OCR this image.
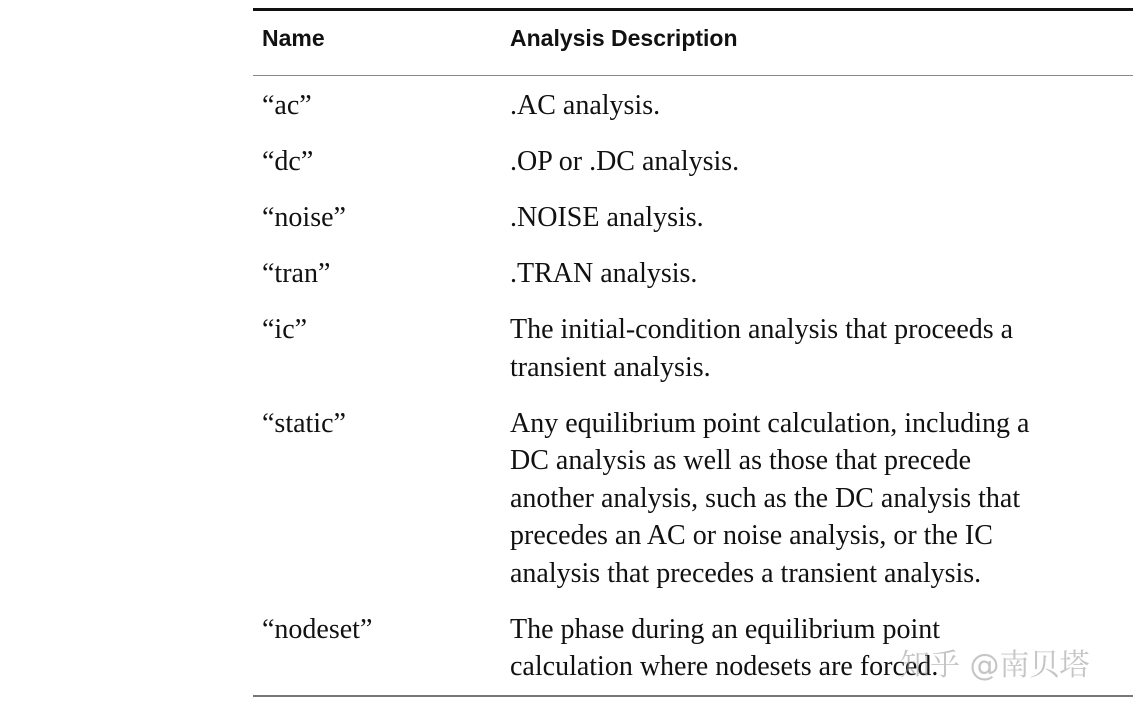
Name	Analysis Description
“ac”	.AC analysis.
“dc”	.OP or .DC analysis.
“noise”	.NOISE analysis.
“tran”	.TRAN analysis.
“ic”	The initial-condition analysis that proceeds a
transient analysis.
“static”	Any equilibrium point calculation, including a
DC analysis as well as those that precede
another analysis, such as the DC analysis that
precedes an AC or noise analysis, or the IC
analysis that precedes a transient analysis.
“nodeset”	The phase during an equilibrium point
calculation where nodesets are forced.
知乎 @南贝塔
